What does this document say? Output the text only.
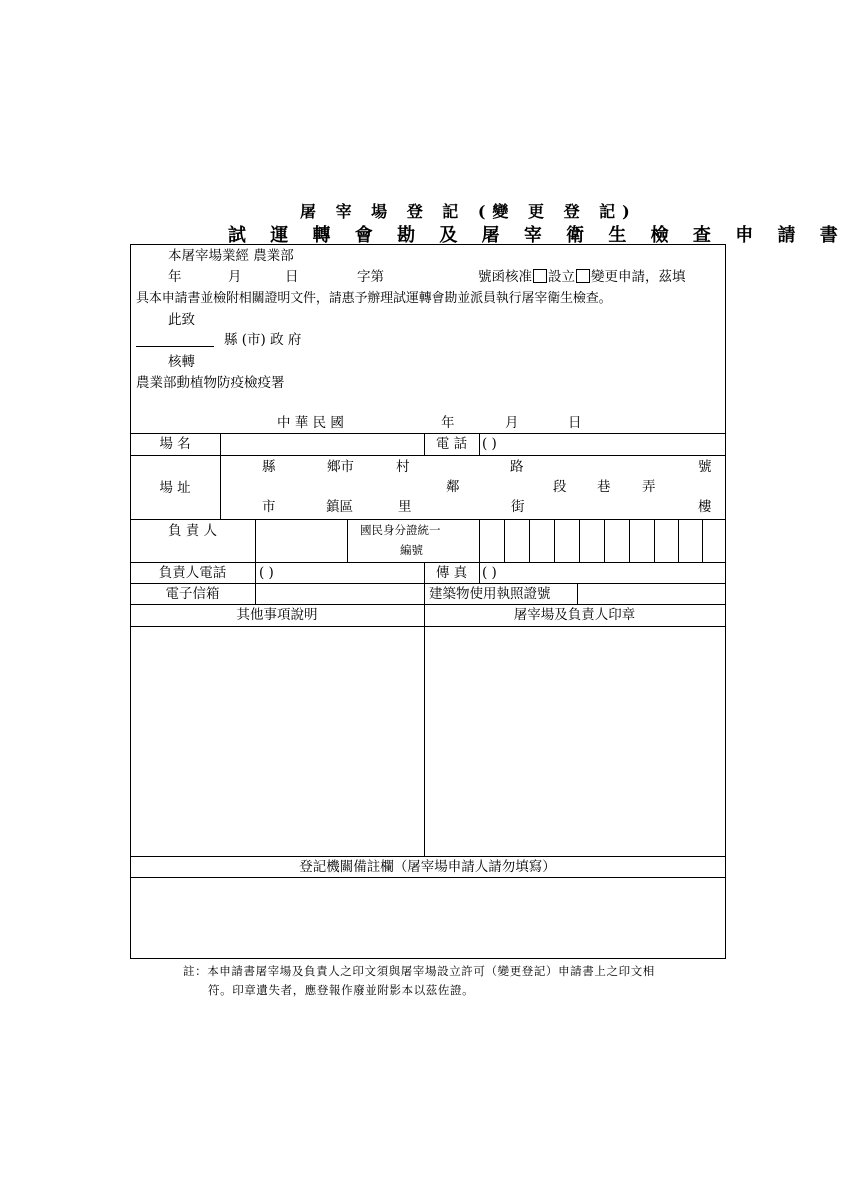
屠 宰 場 登 記 (變 更 登 記)
試 運 轉 會 勘 及 屠 宰 衛 生 檢 查 申 請 書
本屠宰場業經 農業部
年	月	日	字第	號函核准 設立 變更申請，茲填
具本申請書並檢附相關證明文件，請惠予辦理試運轉會勘並派員執行屠宰衛生檢查。
此致
縣 (市) 政 府
核轉
農業部動植物防疫檢疫署
中 華 民 國	年	月	日
場 名	電 話	( )
場 址
縣	鄉市	村	路	號
鄰	段 巷 弄
市	鎮區	里	街	樓
負 責 人	國民身分證統一
編號
負責人電話	( )	傳 真	( )
電子信箱	建築物使用執照證號
其他事項說明	屠宰場及負責人印章
登記機關備註欄（屠宰場申請人請勿填寫）
註：本申請書屠宰場及負責人之印文須與屠宰場設立許可（變更登記）申請書上之印文相
符。印章遺失者，應登報作廢並附影本以茲佐證。
